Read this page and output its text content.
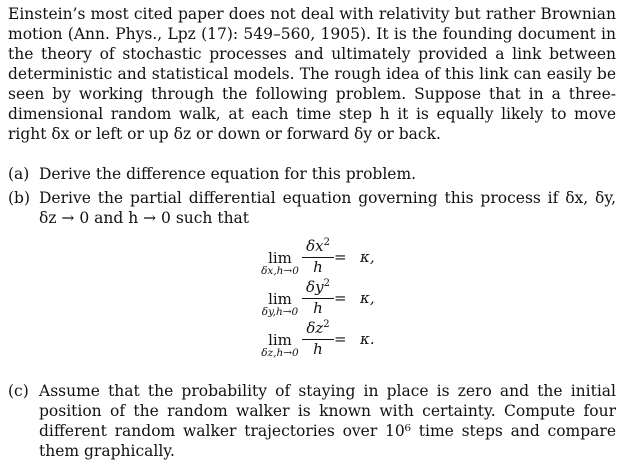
Einstein’s most cited paper does not deal with relativity but rather Brownian motion (Ann. Phys., Lpz (17): 549–560, 1905). It is the founding document in the theory of stochastic processes and ultimately provided a link between deterministic and statistical models. The rough idea of this link can easily be seen by working through the following problem. Suppose that in a three-dimensional random walk, at each time step h it is equally likely to move right δx or left or up δz or down or forward δy or back.

(a) Derive the difference equation for this problem.
(b) Derive the partial differential equation governing this process if δx, δy, δz → 0 and h → 0 such that
lim
δx,h→0
$\delta x^2$
h
= κ,
lim
δy,h→0
$\delta y^2$
h
= κ,
lim
δz,h→0
$\delta z^2$
h
= κ.
(c) Assume that the probability of staying in place is zero and the initial position of the random walker is known with certainty. Compute four different random walker trajectories over 10⁶ time steps and compare them graphically.
